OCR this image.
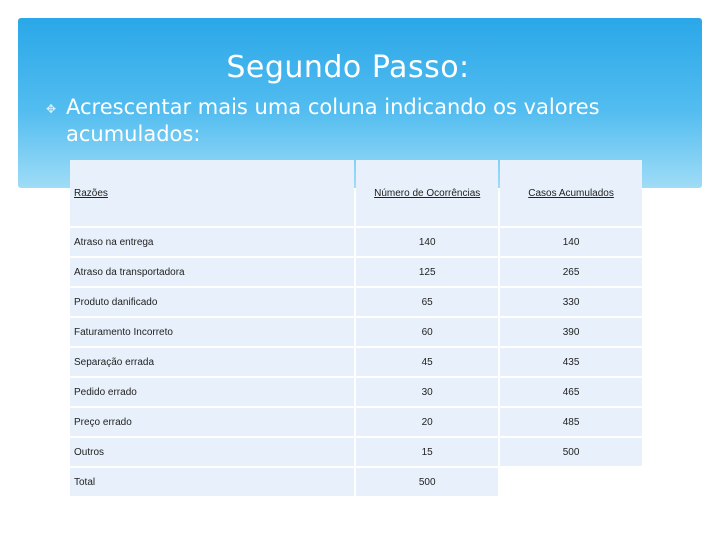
Segundo Passo:
✥ Acrescentar mais uma coluna indicando os valores acumulados:
Razões	Número de Ocorrências	Casos Acumulados
Atraso na entrega	140	140
Atraso da transportadora	125	265
Produto danificado	65	330
Faturamento Incorreto	60	390
Separação errada	45	435
Pedido errado	30	465
Preço errado	20	485
Outros	15	500
Total	500	
